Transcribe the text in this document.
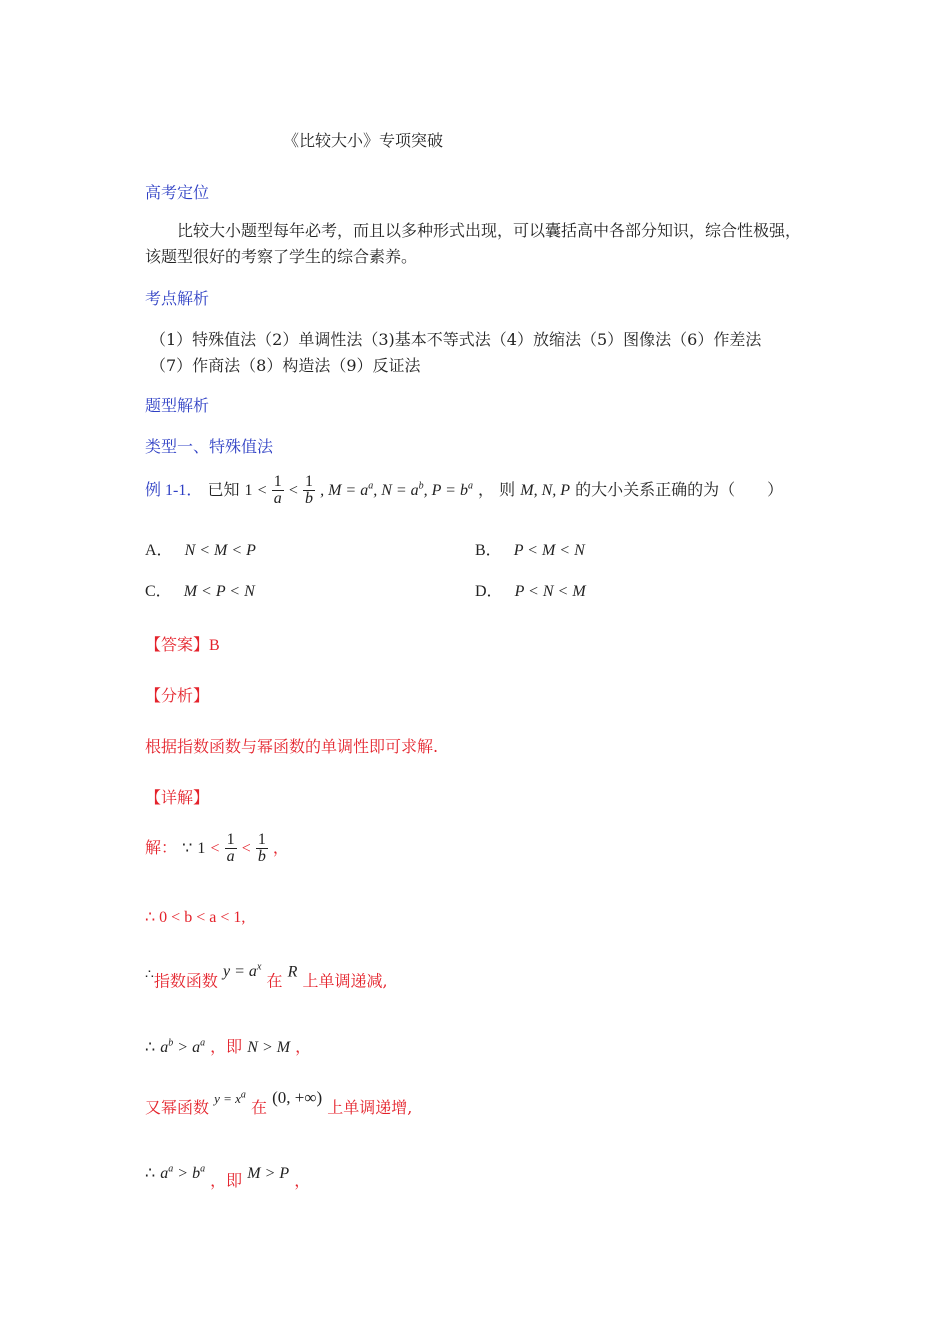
《比较大小》专项突破
高考定位
比较大小题型每年必考，而且以多种形式出现，可以囊括高中各部分知识，综合性极强，该题型很好的考察了学生的综合素养。
考点解析
（1）特殊值法（2）单调性法（3)基本不等式法（4）放缩法（5）图像法（6）作差法
（7）作商法（8）构造法（9）反证法
题型解析
类型一、特殊值法
例 1-1． 已知 $1 < \frac{1}{a} < \frac{1}{b}$ , $M = a^a$, $N = a^b$, $P = b^a$ ， 则 M, N, P 的大小关系正确的为（　　）
A． N < M < P	B． P < M < N
C． M < P < N	D． P < N < M
【答案】B
【分析】
根据指数函数与幂函数的单调性即可求解.
【详解】
解： ∵ $1 < \frac{1}{a} < \frac{1}{b}$ ，
∴ 0 < b < a < 1,
∴指数函数 $y = a^x$ 在 R 上单调递减,
∴ $a^b > a^a$ ，即 N > M ，
又幂函数 $y = x^a$ 在 (0, +∞) 上单调递增,
∴ $a^a > b^a$ ，即 M > P ，
